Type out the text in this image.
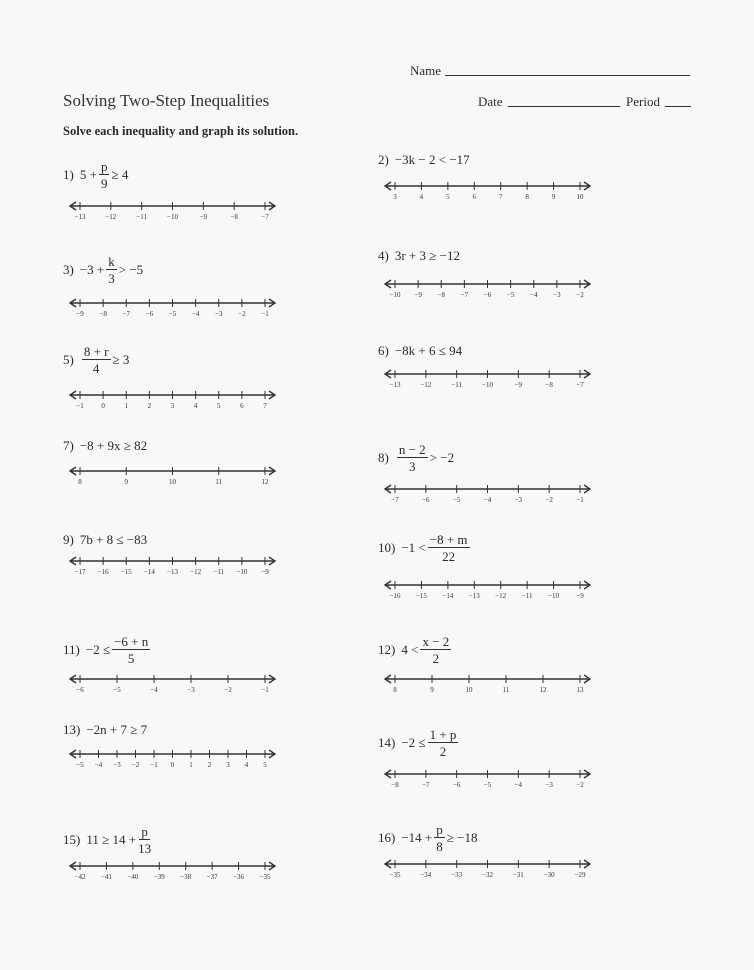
Name
Solving Two-Step Inequalities	Date	Period
Solve each inequality and graph its solution.
1) $5 + \frac{p}{9} \ge 4$
−13	−12	−11	−10	−9	−8	−7
2) −3k − 2 < −17
3	4	5	6	7	8	9	10
$3) -3 + \frac{k}{3} > -5$
−9 −8 −7 −6 −5 −4 −3 −2 −1
4) 3r + 3 ≥ −12
−10 −9 −8 −7 −6 −5 −4 −3 −2
$5) \frac{8 + r}{4} \ge 3$
−1	0	1	2	3	4	5	6	7
6) −8k + 6 ≤ 94
−13	−12	−11	−10	−9	−8	−7
7) −8 + 9x ≥ 82
8	9	10	11	12
$8) \frac{n - 2}{3} > -2$
−7	−6	−5	−4	−3	−2	−1
9) 7b + 8 ≤ −83
−17 −16 −15 −14 −13 −12 −11 −10 −9
$10) -1 < \frac{-8 + m}{22}$
−16 −15 −14 −13 −12 −11 −10 −9
$11) -2 \le \frac{-6 + n}{5}$
−6	−5	−4	−3	−2	−1
12) $4 < \frac{x - 2}{2}$
8	9	10	11	12	13
13) −2n + 7 ≥ 7
−5 −4 −3 −2 −1 0 1 2 3 4 5
$14) -2 \le \frac{1 + p}{2}$
−8	−7	−6	−5	−4	−3	−2
15) $11 \ge 14 + \frac{p}{13}$
−42 −41 −40 −39 −38 −37 −36 −35
$16) -14 + \frac{p}{8} \ge -18$
−35	−34	−33	−32	−31	−30	−29
